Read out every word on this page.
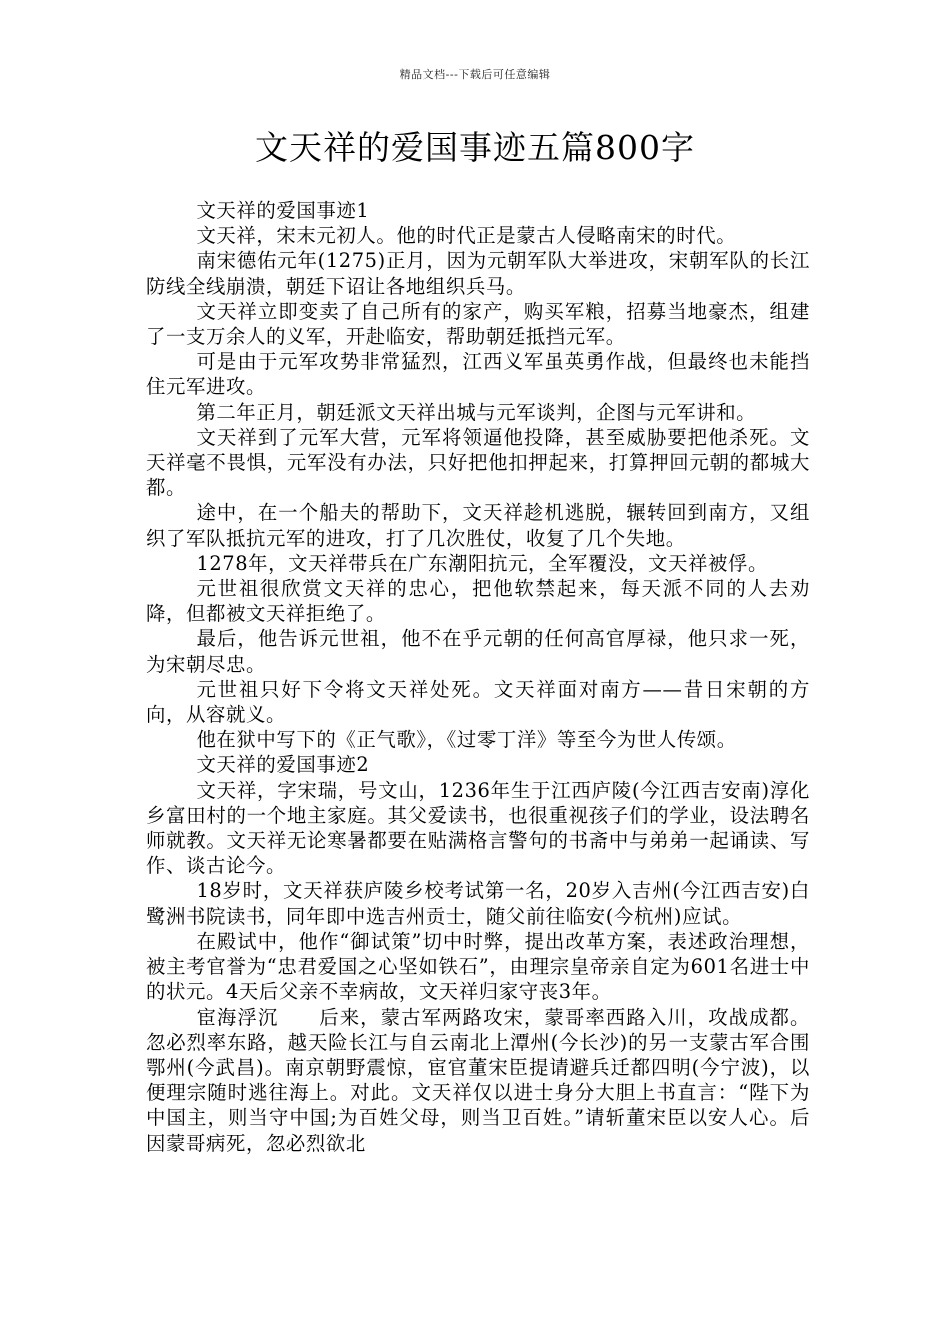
精品文档---下载后可任意编辑
文天祥的爱国事迹五篇800字

文天祥的爱国事迹1

文天祥，宋末元初人。他的时代正是蒙古人侵略南宋的时代。

南宋德佑元年(1275)正月，因为元朝军队大举进攻，宋朝军队的长江防线全线崩溃，朝廷下诏让各地组织兵马。

文天祥立即变卖了自己所有的家产，购买军粮，招募当地豪杰，组建了一支万余人的义军，开赴临安，帮助朝廷抵挡元军。

可是由于元军攻势非常猛烈，江西义军虽英勇作战，但最终也未能挡住元军进攻。

第二年正月，朝廷派文天祥出城与元军谈判，企图与元军讲和。

文天祥到了元军大营，元军将领逼他投降，甚至威胁要把他杀死。文天祥毫不畏惧，元军没有办法，只好把他扣押起来，打算押回元朝的都城大都。

途中，在一个船夫的帮助下，文天祥趁机逃脱，辗转回到南方，又组织了军队抵抗元军的进攻，打了几次胜仗，收复了几个失地。

1278年，文天祥带兵在广东潮阳抗元，全军覆没，文天祥被俘。

元世祖很欣赏文天祥的忠心，把他软禁起来，每天派不同的人去劝降，但都被文天祥拒绝了。

最后，他告诉元世祖，他不在乎元朝的任何高官厚禄，他只求一死，为宋朝尽忠。

元世祖只好下令将文天祥处死。文天祥面对南方——昔日宋朝的方向，从容就义。

他在狱中写下的《正气歌》，《过零丁洋》等至今为世人传颂。

文天祥的爱国事迹2

文天祥，字宋瑞，号文山，1236年生于江西庐陵(今江西吉安南)淳化乡富田村的一个地主家庭。其父爱读书，也很重视孩子们的学业，设法聘名师就教。文天祥无论寒暑都要在贴满格言警句的书斋中与弟弟一起诵读、写作、谈古论今。

18岁时，文天祥获庐陵乡校考试第一名，20岁入吉州(今江西吉安)白鹭洲书院读书，同年即中选吉州贡士，随父前往临安(今杭州)应试。

在殿试中，他作“御试策”切中时弊，提出改革方案，表述政治理想，被主考官誉为“忠君爱国之心坚如铁石”，由理宗皇帝亲自定为601名进士中的状元。4天后父亲不幸病故，文天祥归家守丧3年。

宦海浮沉　　后来，蒙古军两路攻宋，蒙哥率西路入川，攻战成都。忽必烈率东路，越天险长江与自云南北上潭州(今长沙)的另一支蒙古军合围鄂州(今武昌)。南京朝野震惊，宦官董宋臣提请避兵迁都四明(今宁波)，以便理宗随时逃往海上。对此。文天祥仅以进士身分大胆上书直言：“陛下为中国主，则当守中国;为百姓父母，则当卫百姓。”请斩董宋臣以安人心。后因蒙哥病死，忽必烈欲北
